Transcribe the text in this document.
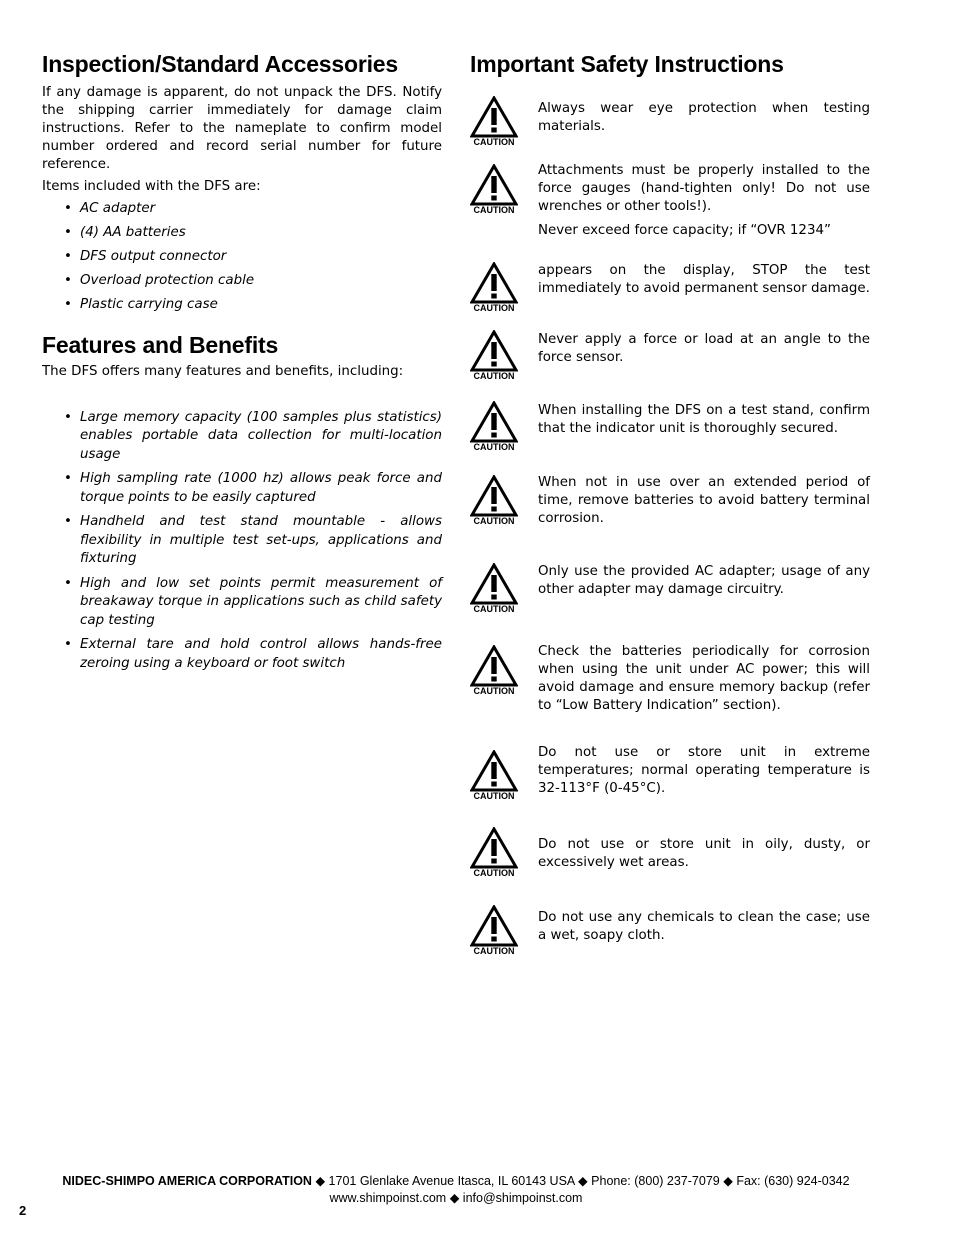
Inspection/Standard Accessories

If any damage is apparent, do not unpack the DFS. Notify the shipping carrier immediately for damage claim instructions. Refer to the nameplate to confirm model number ordered and record serial number for future reference.

Items included with the DFS are:

• AC adapter
• (4) AA batteries
• DFS output connector
• Overload protection cable
• Plastic carrying case
Features and Benefits

The DFS offers many features and benefits, including:

• Large memory capacity (100 samples plus statistics) enables portable data collection for multi-location usage
• High sampling rate (1000 hz) allows peak force and torque points to be easily captured
• Handheld and test stand mountable - allows flexibility in multiple test set-ups, applications and fixturing
• High and low set points permit measurement of breakaway torque in applications such as child safety cap testing
• External tare and hold control allows hands-free zeroing using a keyboard or foot switch
Important Safety Instructions
CAUTION
Always wear eye protection when testing materials.
CAUTION
Attachments must be properly installed to the force gauges (hand-tighten only! Do not use wrenches or other tools!).
Never exceed force capacity; if “OVR 1234”
CAUTION
appears on the display, STOP the test immediately to avoid permanent sensor damage.
CAUTION
Never apply a force or load at an angle to the force sensor.
CAUTION
When installing the DFS on a test stand, confirm that the indicator unit is thoroughly secured.
CAUTION
When not in use over an extended period of time, remove batteries to avoid battery terminal corrosion.
CAUTION
Only use the provided AC adapter; usage of any other adapter may damage circuitry.
CAUTION
Check the batteries periodically for corrosion when using the unit under AC power; this will avoid damage and ensure memory backup (refer to “Low Battery Indication” section).
CAUTION
Do not use or store unit in extreme temperatures; normal operating temperature is 32-113°F (0-45°C).
CAUTION
Do not use or store unit in oily, dusty, or excessively wet areas.
CAUTION
Do not use any chemicals to clean the case; use a wet, soapy cloth.
NIDEC-SHIMPO AMERICA CORPORATION ◆ 1701 Glenlake Avenue Itasca, IL 60143 USA ◆ Phone: (800) 237-7079 ◆ Fax: (630) 924-0342
www.shimpoinst.com ◆ info@shimpoinst.com
2
